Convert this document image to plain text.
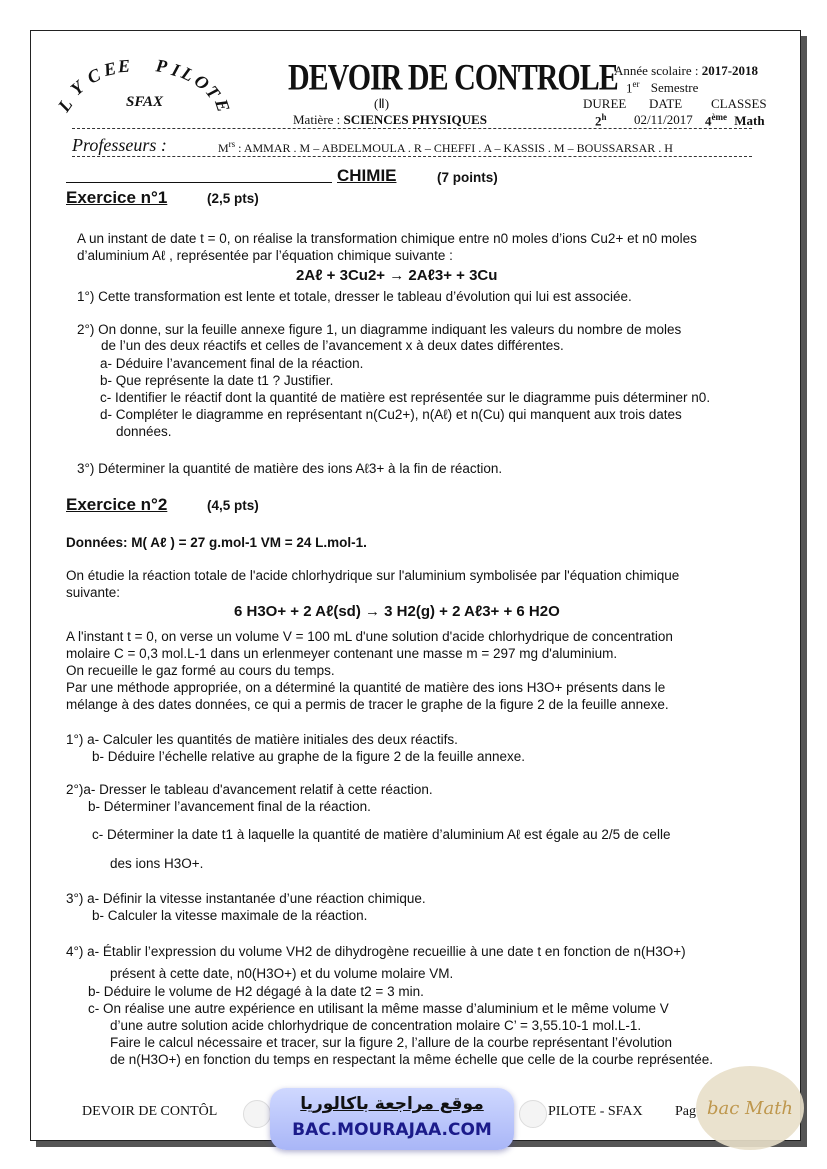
L
Y
C
E E P I
L
O
T
E
SFAX
DEVOIR DE CONTROLE
(Ⅱ)
Matière : SCIENCES PHYSIQUES
Année scolaire : 2017-2018
1er Semestre
DUREE DATE CLASSES
2$^h$ 02/11/2017 4ème Math
Professeurs :	$M^{rs}$ : AMMAR . M – ABDELMOULA . R – CHEFFI . A – KASSIS . M – BOUSSARSAR . H
CHIMIE	(7 points)
Exercice n°1	(2,5 pts)
A un instant de date t = 0, on réalise la transformation chimique entre n0 moles d’ions Cu2+ et n0 moles
d’aluminium Aℓ , représentée par l’équation chimique suivante :
2Aℓ + 3Cu2+ → 2Aℓ3+ + 3Cu
1°) Cette transformation est lente et totale, dresser le tableau d’évolution qui lui est associée.
2°) On donne, sur la feuille annexe figure 1, un diagramme indiquant les valeurs du nombre de moles
de l’un des deux réactifs et celles de l’avancement x à deux dates différentes.
a- Déduire l’avancement final de la réaction.
b- Que représente la date t1 ? Justifier.
c- Identifier le réactif dont la quantité de matière est représentée sur le diagramme puis déterminer n0.
d- Compléter le diagramme en représentant n(Cu2+), n(Aℓ) et n(Cu) qui manquent aux trois dates
données.
3°) Déterminer la quantité de matière des ions Aℓ3+ à la fin de réaction.
Exercice n°2	(4,5 pts)
Données: M( Aℓ ) = 27 g.mol-1 VM = 24 L.mol-1.
On étudie la réaction totale de l'acide chlorhydrique sur l'aluminium symbolisée par l'équation chimique
suivante:
6 H3O+ + 2 Aℓ(sd) → 3 H2(g) + 2 Aℓ3+ + 6 H2O
A l'instant t = 0, on verse un volume V = 100 mL d'une solution d'acide chlorhydrique de concentration
molaire C = 0,3 mol.L-1 dans un erlenmeyer contenant une masse m = 297 mg d'aluminium.
On recueille le gaz formé au cours du temps.
Par une méthode appropriée, on a déterminé la quantité de matière des ions H3O+ présents dans le
mélange à des dates données, ce qui a permis de tracer le graphe de la figure 2 de la feuille annexe.
1°) a- Calculer les quantités de matière initiales des deux réactifs.
b- Déduire l’échelle relative au graphe de la figure 2 de la feuille annexe.
2°)a- Dresser le tableau d'avancement relatif à cette réaction.
b- Déterminer l’avancement final de la réaction.
c- Déterminer la date t1 à laquelle la quantité de matière d’aluminium Aℓ est égale au 2/5 de celle
des ions H3O+.
3°) a- Définir la vitesse instantanée d’une réaction chimique.
b- Calculer la vitesse maximale de la réaction.
4°) a- Établir l’expression du volume VH2 de dihydrogène recueillie à une date t en fonction de n(H3O+)
présent à cette date, n0(H3O+) et du volume molaire VM.
b- Déduire le volume de H2 dégagé à la date t2 = 3 min.
c- On réalise une autre expérience en utilisant la même masse d’aluminium et le même volume V
d’une autre solution acide chlorhydrique de concentration molaire C’ = 3,55.10-1 mol.L-1.
Faire le calcul nécessaire et tracer, sur la figure 2, l’allure de la courbe représentant l’évolution
de n(H3O+) en fonction du temps en respectant la même échelle que celle de la courbe représentée.
DEVOIR DE CONTÔL	PILOTE - SFAX Pag
موقع مراجعة باكالوريا
BAC.MOURAJAA.COM
bac Math
